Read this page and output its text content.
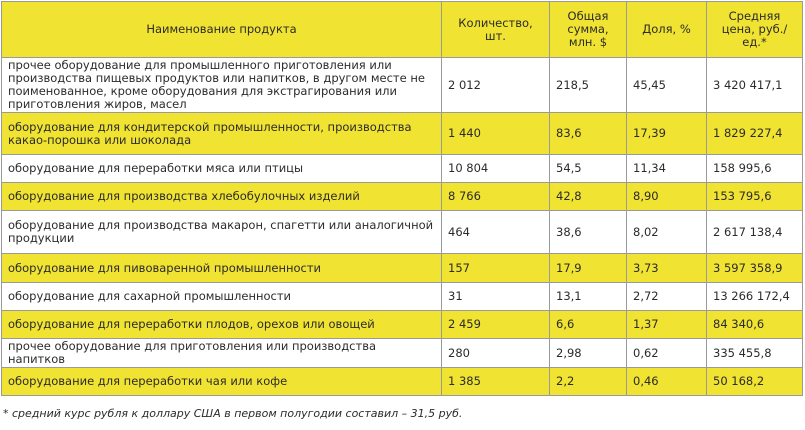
Наименование продукта	Количество, шт.	Общая сумма, млн. $	Доля, %	Средняя цена, руб./ ед.*
прочее оборудование для промышленного приготовления или производства пищевых продуктов или напитков, в другом месте не поименованное, кроме оборудования для экстрагирования или приготовления жиров, масел	2 012	218,5	45,45	3 420 417,1
оборудование для кондитерской промышленности, производства какао-порошка или шоколада	1 440	83,6	17,39	1 829 227,4
оборудование для переработки мяса или птицы	10 804	54,5	11,34	158 995,6
оборудование для производства хлебобулочных изделий	8 766	42,8	8,90	153 795,6
оборудование для производства макарон, спагетти или аналогичной продукции	464	38,6	8,02	2 617 138,4
оборудование для пивоваренной промышленности	157	17,9	3,73	3 597 358,9
оборудование для сахарной промышленности	31	13,1	2,72	13 266 172,4
оборудование для переработки плодов, орехов или овощей	2 459	6,6	1,37	84 340,6
прочее оборудование для приготовления или производства напитков	280	2,98	0,62	335 455,8
оборудование для переработки чая или кофе	1 385	2,2	0,46	50 168,2
* средний курс рубля к доллару США в первом полугодии составил – 31,5 руб.
